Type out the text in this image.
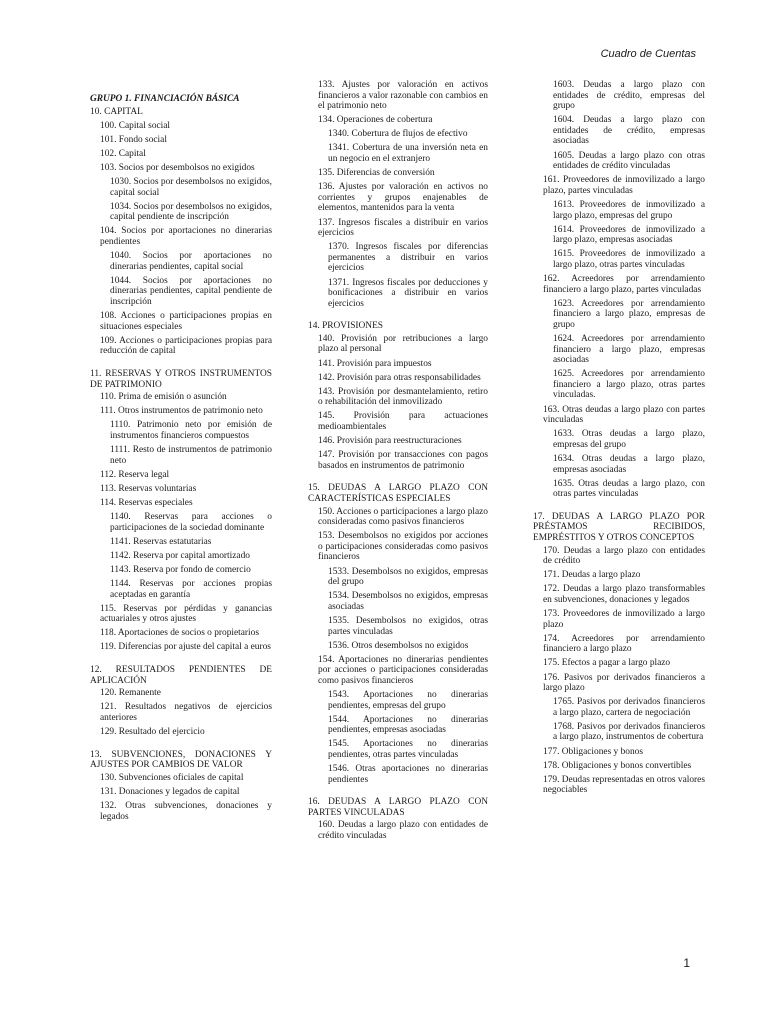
Cuadro de Cuentas
GRUPO 1. FINANCIACIÓN BÁSICA
10. CAPITAL
100. Capital social
101. Fondo social
102. Capital
103. Socios por desembolsos no exigidos
1030. Socios por desembolsos no exigidos, capital social
1034. Socios por desembolsos no exigidos, capital pendiente de inscripción
104. Socios por aportaciones no dinerarias pendientes
1040. Socios por aportaciones no dinerarias pendientes, capital social
1044. Socios por aportaciones no dinerarias pendientes, capital pendiente de inscripción
108. Acciones o participaciones propias en situaciones especiales
109. Acciones o participaciones propias para reducción de capital
11. RESERVAS Y OTROS INSTRUMENTOS DE PATRIMONIO
110. Prima de emisión o asunción
111. Otros instrumentos de patrimonio neto
1110. Patrimonio neto por emisión de instrumentos financieros compuestos
1111. Resto de instrumentos de patrimonio neto
112. Reserva legal
113. Reservas voluntarias
114. Reservas especiales
1140. Reservas para acciones o participaciones de la sociedad dominante
1141. Reservas estatutarias
1142. Reserva por capital amortizado
1143. Reserva por fondo de comercio
1144. Reservas por acciones propias aceptadas en garantía
115. Reservas por pérdidas y ganancias actuariales y otros ajustes
118. Aportaciones de socios o propietarios
119. Diferencias por ajuste del capital a euros
12. RESULTADOS PENDIENTES DE APLICACIÓN
120. Remanente
121. Resultados negativos de ejercicios anteriores
129. Resultado del ejercicio
13. SUBVENCIONES, DONACIONES Y AJUSTES POR CAMBIOS DE VALOR
130. Subvenciones oficiales de capital
131. Donaciones y legados de capital
132. Otras subvenciones, donaciones y legados
133. Ajustes por valoración en activos financieros a valor razonable con cambios en el patrimonio neto
134. Operaciones de cobertura
1340. Cobertura de flujos de efectivo
1341. Cobertura de una inversión neta en un negocio en el extranjero
135. Diferencias de conversión
136. Ajustes por valoración en activos no corrientes y grupos enajenables de elementos, mantenidos para la venta
137. Ingresos fiscales a distribuir en varios ejercicios
1370. Ingresos fiscales por diferencias permanentes a distribuir en varios ejercicios
1371. Ingresos fiscales por deducciones y bonificaciones a distribuir en varios ejercicios
14. PROVISIONES
140. Provisión por retribuciones a largo plazo al personal
141. Provisión para impuestos
142. Provisión para otras responsabilidades
143. Provisión por desmantelamiento, retiro o rehabilitación del inmovilizado
145. Provisión para actuaciones medioambientales
146. Provisión para reestructuraciones
147. Provisión por transacciones con pagos basados en instrumentos de patrimonio
15. DEUDAS A LARGO PLAZO CON CARACTERÍSTICAS ESPECIALES
150. Acciones o participaciones a largo plazo consideradas como pasivos financieros
153. Desembolsos no exigidos por acciones o participaciones consideradas como pasivos financieros
1533. Desembolsos no exigidos, empresas del grupo
1534. Desembolsos no exigidos, empresas asociadas
1535. Desembolsos no exigidos, otras partes vinculadas
1536. Otros desembolsos no exigidos
154. Aportaciones no dinerarias pendientes por acciones o participaciones consideradas como pasivos financieros
1543. Aportaciones no dinerarias pendientes, empresas del grupo
1544. Aportaciones no dinerarias pendientes, empresas asociadas
1545. Aportaciones no dinerarias pendientes, otras partes vinculadas
1546. Otras aportaciones no dinerarias pendientes
16. DEUDAS A LARGO PLAZO CON PARTES VINCULADAS
160. Deudas a largo plazo con entidades de crédito vinculadas
1603. Deudas a largo plazo con entidades de crédito, empresas del grupo
1604. Deudas a largo plazo con entidades de crédito, empresas asociadas
1605. Deudas a largo plazo con otras entidades de crédito vinculadas
161. Proveedores de inmovilizado a largo plazo, partes vinculadas
1613. Proveedores de inmovilizado a largo plazo, empresas del grupo
1614. Proveedores de inmovilizado a largo plazo, empresas asociadas
1615. Proveedores de inmovilizado a largo plazo, otras partes vinculadas
162. Acreedores por arrendamiento financiero a largo plazo, partes vinculadas
1623. Acreedores por arrendamiento financiero a largo plazo, empresas de grupo
1624. Acreedores por arrendamiento financiero a largo plazo, empresas asociadas
1625. Acreedores por arrendamiento financiero a largo plazo, otras partes vinculadas.
163. Otras deudas a largo plazo con partes vinculadas
1633. Otras deudas a largo plazo, empresas del grupo
1634. Otras deudas a largo plazo, empresas asociadas
1635. Otras deudas a largo plazo, con otras partes vinculadas
17. DEUDAS A LARGO PLAZO POR PRÉSTAMOS RECIBIDOS, EMPRÉSTITOS Y OTROS CONCEPTOS
170. Deudas a largo plazo con entidades de crédito
171. Deudas a largo plazo
172. Deudas a largo plazo transformables en subvenciones, donaciones y legados
173. Proveedores de inmovilizado a largo plazo
174. Acreedores por arrendamiento financiero a largo plazo
175. Efectos a pagar a largo plazo
176. Pasivos por derivados financieros a largo plazo
1765. Pasivos por derivados financieros a largo plazo, cartera de negociación
1768. Pasivos por derivados financieros a largo plazo, instrumentos de cobertura
177. Obligaciones y bonos
178. Obligaciones y bonos convertibles
179. Deudas representadas en otros valores negociables
1
